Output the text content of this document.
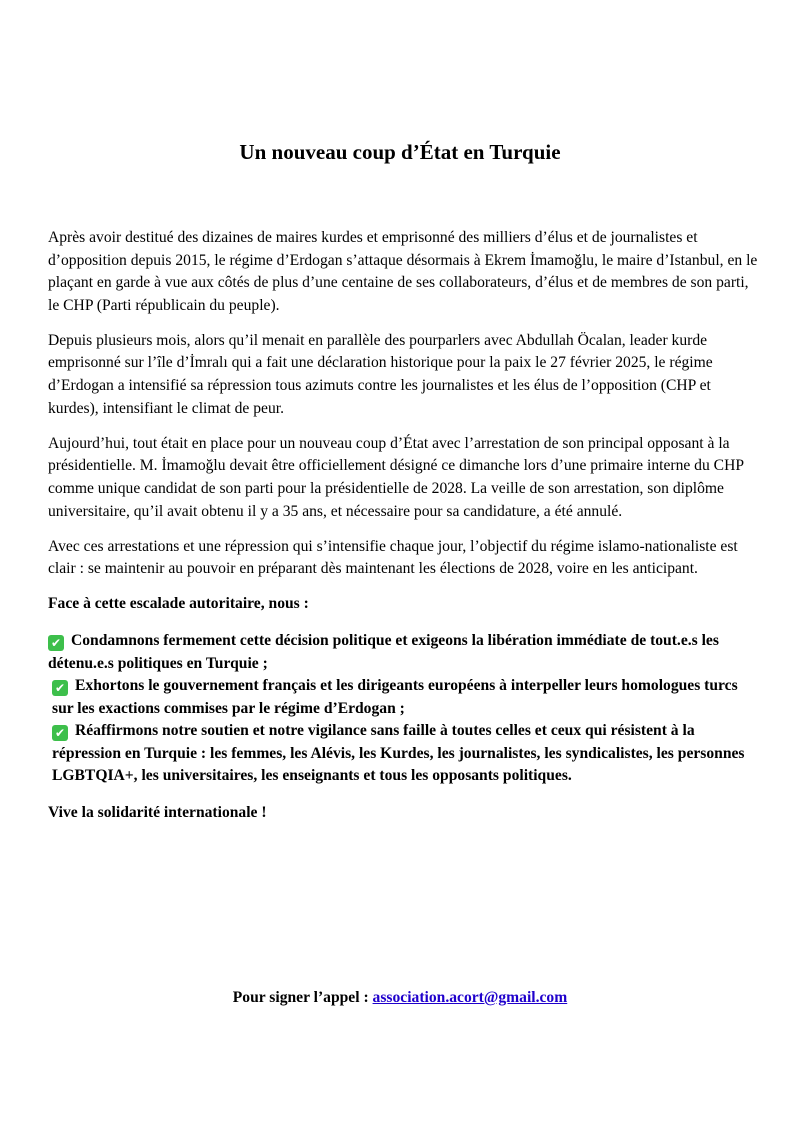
Un nouveau coup d’État en Turquie

Après avoir destitué des dizaines de maires kurdes et emprisonné des milliers d’élus et de journalistes et d’opposition depuis 2015, le régime d’Erdogan s’attaque désormais à Ekrem İmamoğlu, le maire d’Istanbul, en le plaçant en garde à vue aux côtés de plus d’une centaine de ses collaborateurs, d’élus et de membres de son parti, le CHP (Parti républicain du peuple).

Depuis plusieurs mois, alors qu’il menait en parallèle des pourparlers avec Abdullah Öcalan, leader kurde emprisonné sur l’île d’İmralı qui a fait une déclaration historique pour la paix le 27 février 2025, le régime d’Erdogan a intensifié sa répression tous azimuts contre les journalistes et les élus de l’opposition (CHP et kurdes), intensifiant le climat de peur.

Aujourd’hui, tout était en place pour un nouveau coup d’État avec l’arrestation de son principal opposant à la présidentielle. M. İmamoğlu devait être officiellement désigné ce dimanche lors d’une primaire interne du CHP comme unique candidat de son parti pour la présidentielle de 2028. La veille de son arrestation, son diplôme universitaire, qu’il avait obtenu il y a 35 ans, et nécessaire pour sa candidature, a été annulé.

Avec ces arrestations et une répression qui s’intensifie chaque jour, l’objectif du régime islamo-nationaliste est clair : se maintenir au pouvoir en préparant dès maintenant les élections de 2028, voire en les anticipant.

Face à cette escalade autoritaire, nous :

✔ Condamnons fermement cette décision politique et exigeons la libération immédiate de tout.e.s les détenu.e.s politiques en Turquie ;

✔ Exhortons le gouvernement français et les dirigeants européens à interpeller leurs homologues turcs sur les exactions commises par le régime d’Erdogan ;

✔ Réaffirmons notre soutien et notre vigilance sans faille à toutes celles et ceux qui résistent à la répression en Turquie : les femmes, les Alévis, les Kurdes, les journalistes, les syndicalistes, les personnes LGBTQIA+, les universitaires, les enseignants et tous les opposants politiques.

Vive la solidarité internationale !

Pour signer l’appel : association.acort@gmail.com
